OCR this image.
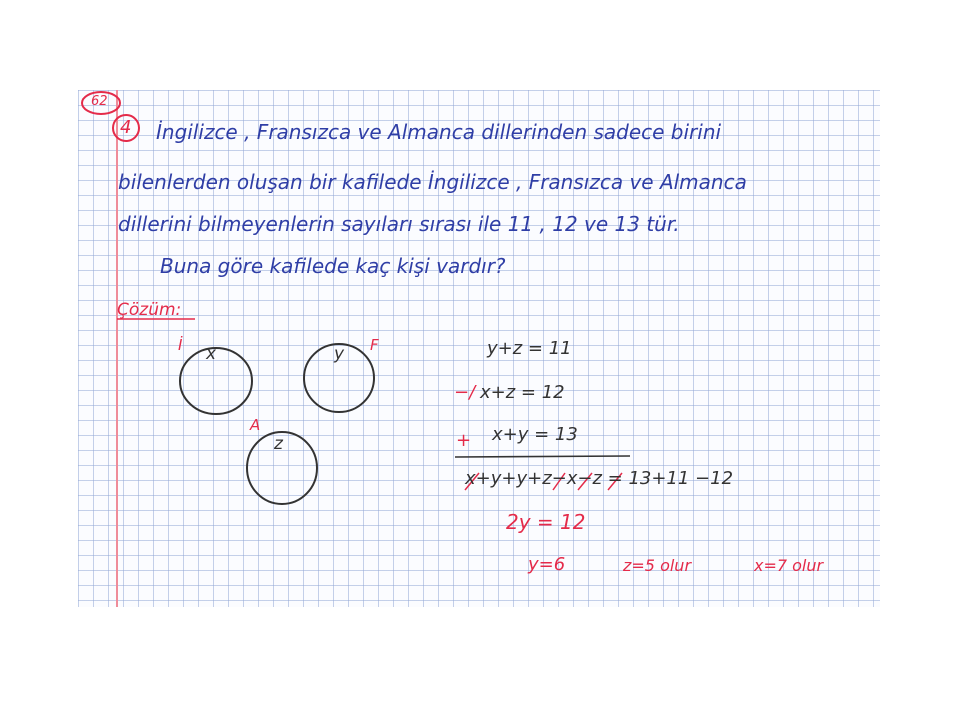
62
4 İngilizce , Fransızca ve Almanca dillerinden sadece birini
bilenlerden oluşan bir kafilede İngilizce , Fransızca ve Almanca
dillerini bilmeyenlerin sayıları sırası ile 11 , 12 ve 13 tür.
Buna göre kafilede kaç kişi vardır?
Çözüm:
İ x	F
y
A
z
y+z = 11
−/ x+z = 12
+ x+y = 13
x+y+y+z−x−z = 13+11 −12
2y = 12
y=6	z=5 olur	x=7 olur
